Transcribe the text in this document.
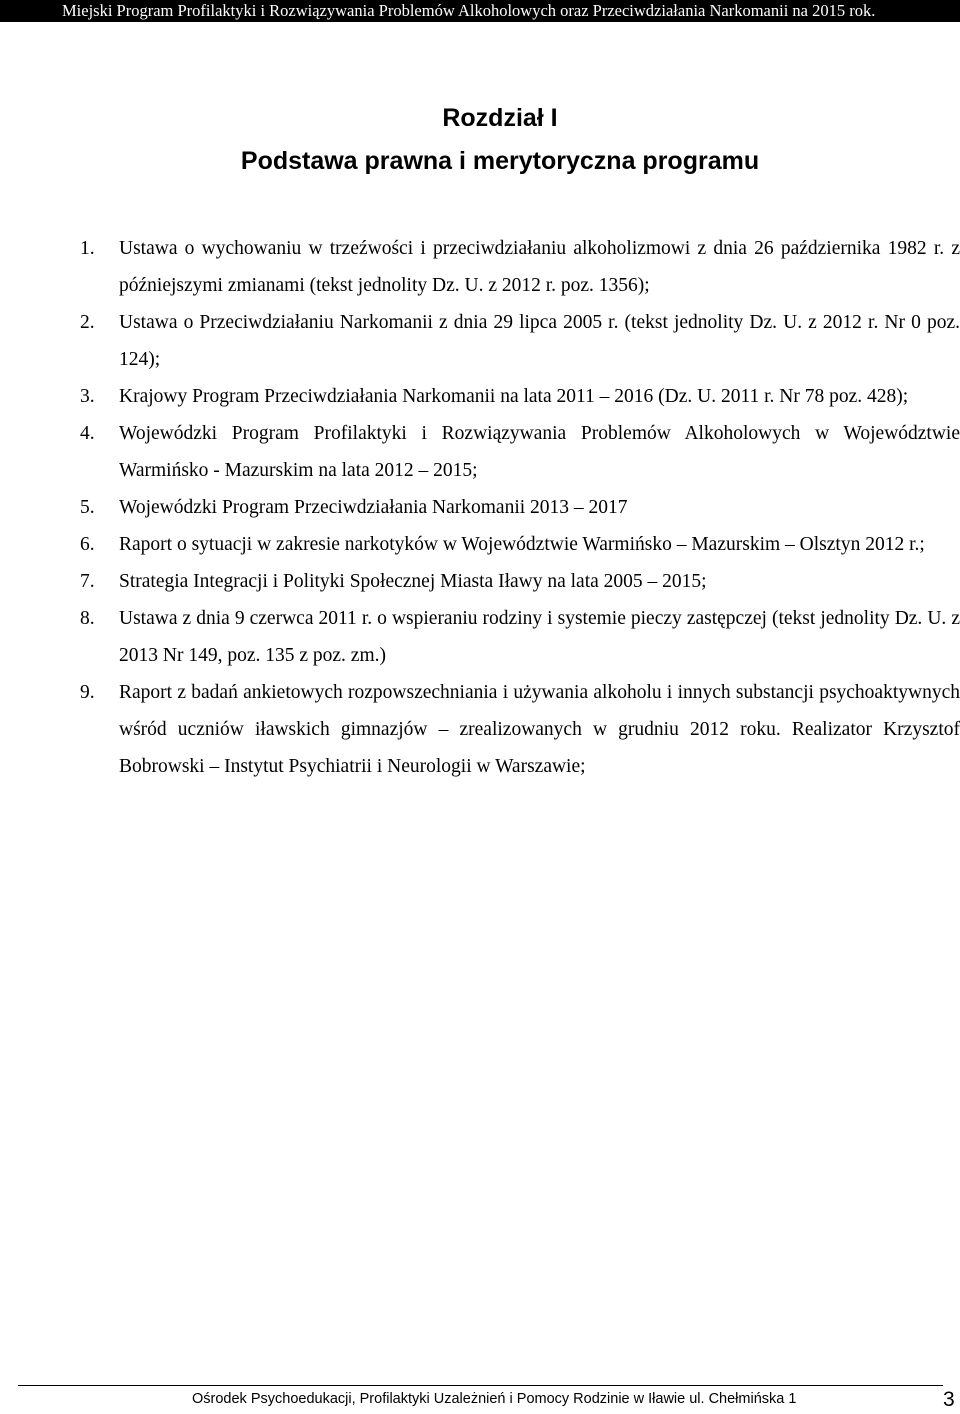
Miejski Program Profilaktyki i Rozwiązywania Problemów Alkoholowych oraz Przeciwdziałania Narkomanii na 2015 rok.
Rozdział I
Podstawa prawna i merytoryczna programu
1. Ustawa o wychowaniu w trzeźwości i przeciwdziałaniu alkoholizmowi z dnia 26 października 1982 r. z późniejszymi zmianami (tekst jednolity Dz. U. z 2012 r. poz. 1356);
2. Ustawa o Przeciwdziałaniu Narkomanii z dnia 29 lipca 2005 r. (tekst jednolity Dz. U. z 2012 r. Nr 0 poz. 124);
3. Krajowy Program Przeciwdziałania Narkomanii na lata 2011 – 2016 (Dz. U. 2011 r. Nr 78 poz. 428);
4. Wojewódzki Program Profilaktyki i Rozwiązywania Problemów Alkoholowych w Województwie Warmińsko - Mazurskim na lata 2012 – 2015;
5. Wojewódzki Program Przeciwdziałania Narkomanii 2013 – 2017
6. Raport o sytuacji w zakresie narkotyków w Województwie Warmińsko – Mazurskim – Olsztyn 2012 r.;
7. Strategia Integracji i Polityki Społecznej Miasta Iławy na lata 2005 – 2015;
8. Ustawa z dnia 9 czerwca 2011 r. o wspieraniu rodziny i systemie pieczy zastępczej (tekst jednolity Dz. U. z 2013 Nr 149, poz. 135 z poz. zm.)
9. Raport z badań ankietowych rozpowszechniania i używania alkoholu i innych substancji psychoaktywnych wśród uczniów iławskich gimnazjów – zrealizowanych w grudniu 2012 roku. Realizator Krzysztof Bobrowski – Instytut Psychiatrii i Neurologii w Warszawie;
Ośrodek Psychoedukacji, Profilaktyki Uzależnień i Pomocy Rodzinie w Iławie ul. Chełmińska 1	3
